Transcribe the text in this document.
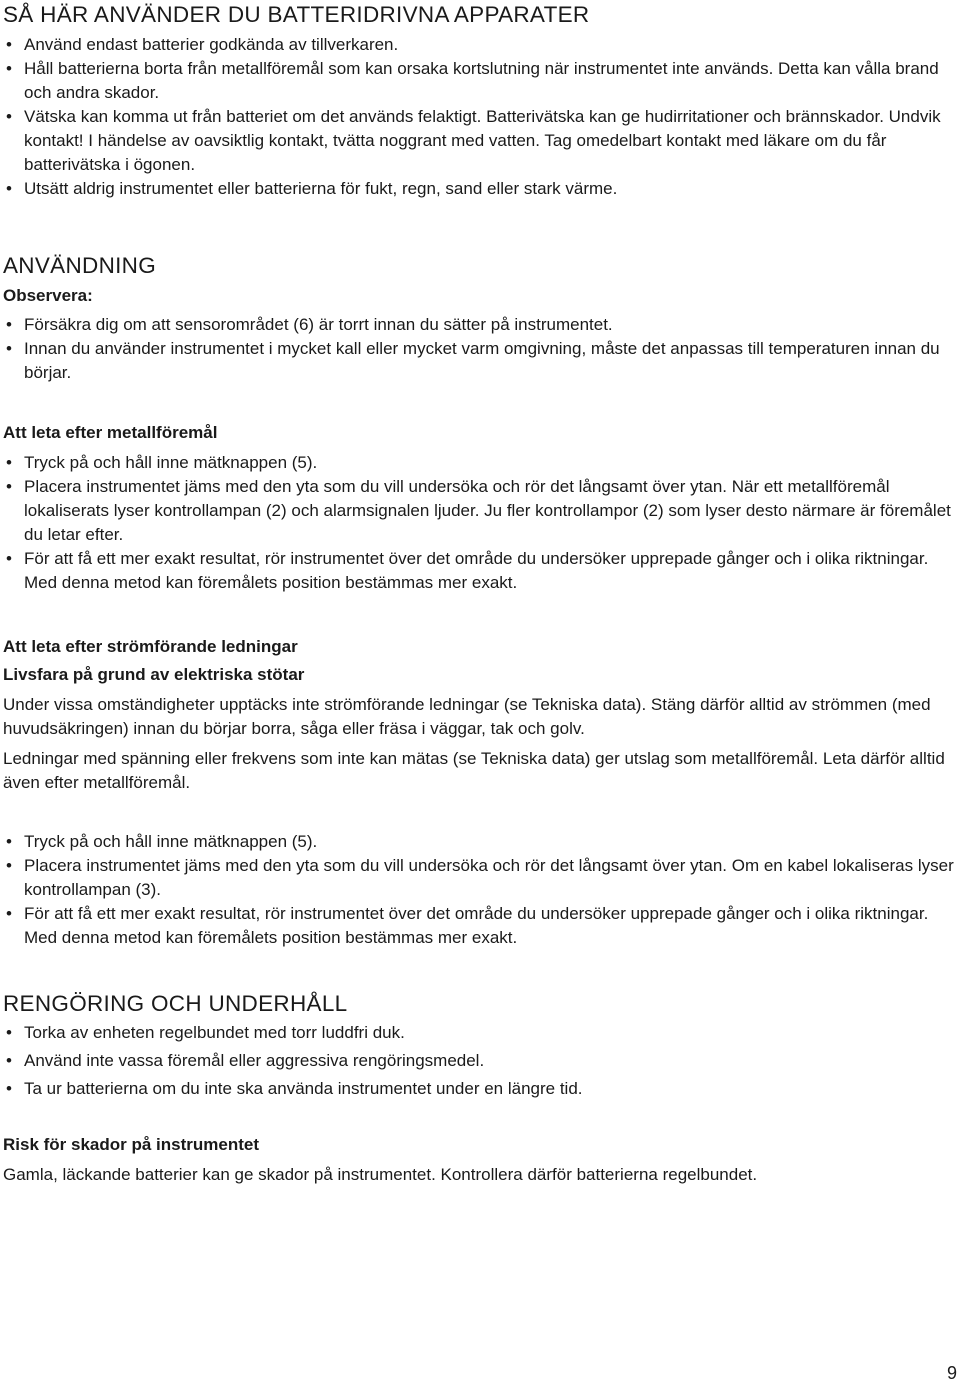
SÅ HÄR ANVÄNDER DU BATTERIDRIVNA APPARATER
• Använd endast batterier godkända av tillverkaren.
• Håll batterierna borta från metallföremål som kan orsaka kortslutning när instrumentet inte används. Detta kan vålla brand och andra skador.
• Vätska kan komma ut från batteriet om det används felaktigt. Batterivätska kan ge hudirritationer och brännskador. Undvik kontakt! I händelse av oavsiktlig kontakt, tvätta noggrant med vatten. Tag omedelbart kontakt med läkare om du får batterivätska i ögonen.
• Utsätt aldrig instrumentet eller batterierna för fukt, regn, sand eller stark värme.
ANVÄNDNING

Observera:

• Försäkra dig om att sensorområdet (6) är torrt innan du sätter på instrumentet.
• Innan du använder instrumentet i mycket kall eller mycket varm omgivning, måste det anpassas till temperaturen innan du börjar.

Att leta efter metallföremål

• Tryck på och håll inne mätknappen (5).
• Placera instrumentet jäms med den yta som du vill undersöka och rör det långsamt över ytan. När ett metallföremål lokaliserats lyser kontrollampan (2) och alarmsignalen ljuder. Ju fler kontrollampor (2) som lyser desto närmare är föremålet du letar efter.
• För att få ett mer exakt resultat, rör instrumentet över det område du undersöker upprepade gånger och i olika riktningar. Med denna metod kan föremålets position bestämmas mer exakt.

Att leta efter strömförande ledningar

Livsfara på grund av elektriska stötar

Under vissa omständigheter upptäcks inte strömförande ledningar (se Tekniska data). Stäng därför alltid av strömmen (med huvudsäkringen) innan du börjar borra, såga eller fräsa i väggar, tak och golv.

Ledningar med spänning eller frekvens som inte kan mätas (se Tekniska data) ger utslag som metallföremål. Leta därför alltid även efter metallföremål.

• Tryck på och håll inne mätknappen (5).
• Placera instrumentet jäms med den yta som du vill undersöka och rör det långsamt över ytan. Om en kabel lokaliseras lyser kontrollampan (3).
• För att få ett mer exakt resultat, rör instrumentet över det område du undersöker upprepade gånger och i olika riktningar. Med denna metod kan föremålets position bestämmas mer exakt.
RENGÖRING OCH UNDERHÅLL
• Torka av enheten regelbundet med torr luddfri duk.
• Använd inte vassa föremål eller aggressiva rengöringsmedel.
• Ta ur batterierna om du inte ska använda instrumentet under en längre tid.

Risk för skador på instrumentet

Gamla, läckande batterier kan ge skador på instrumentet. Kontrollera därför batterierna regelbundet.

9
